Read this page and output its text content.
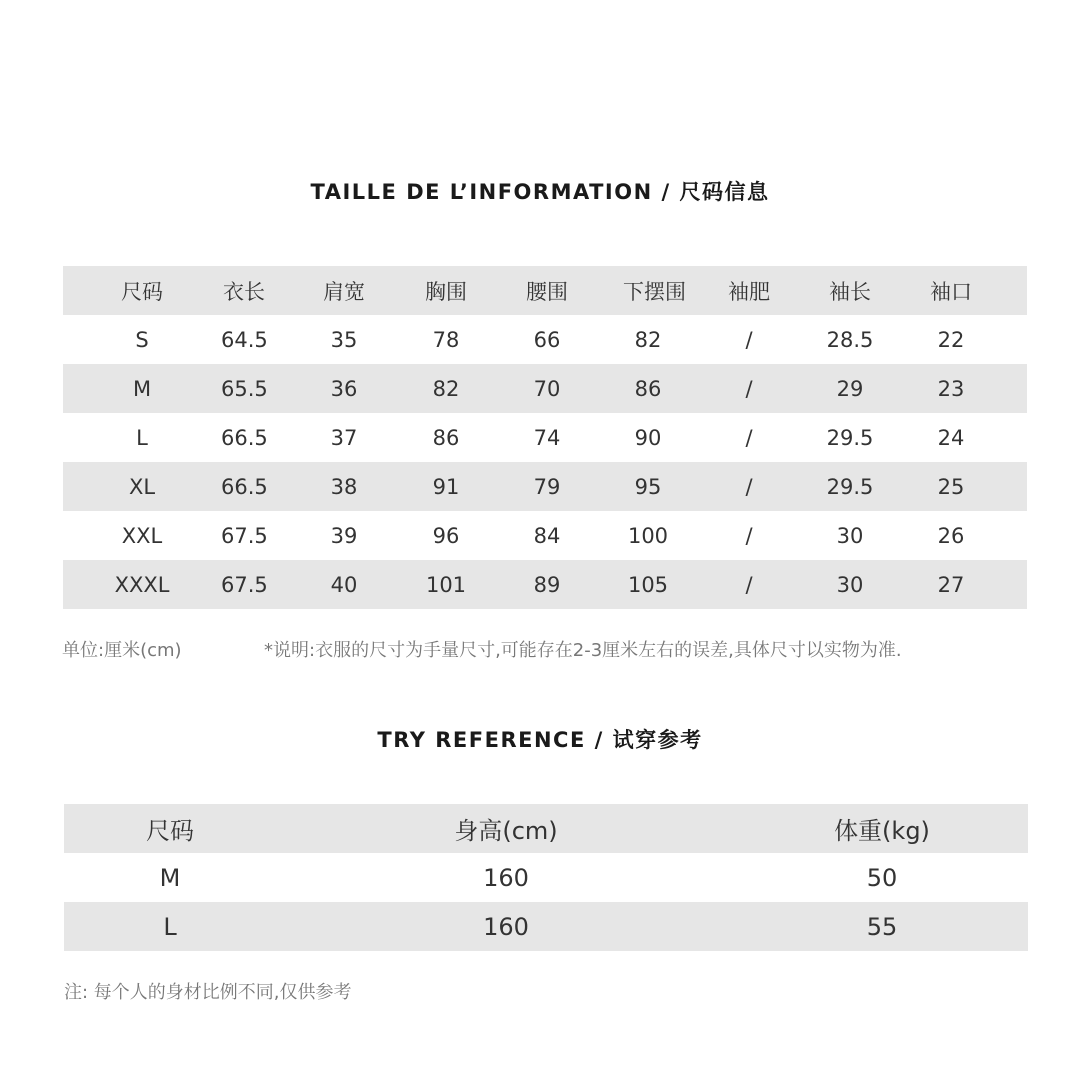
TAILLE DE L’INFORMATION / 尺码信息
尺码	衣长	肩宽	胸围	腰围	下摆围	袖肥	袖长	袖口
S	64.5	35	78	66	82	/	28.5	22
M	65.5	36	82	70	86	/	29	23
L	66.5	37	86	74	90	/	29.5	24
XL	66.5	38	91	79	95	/	29.5	25
XXL	67.5	39	96	84	100	/	30	26
XXXL	67.5	40	101	89	105	/	30	27
单位:厘米(cm)	*说明:衣服的尺寸为手量尺寸,可能存在2-3厘米左右的误差,具体尺寸以实物为准.
TRY REFERENCE / 试穿参考
尺码	身高(cm)	体重(kg)
M	160	50
L	160	55
注: 每个人的身材比例不同,仅供参考
